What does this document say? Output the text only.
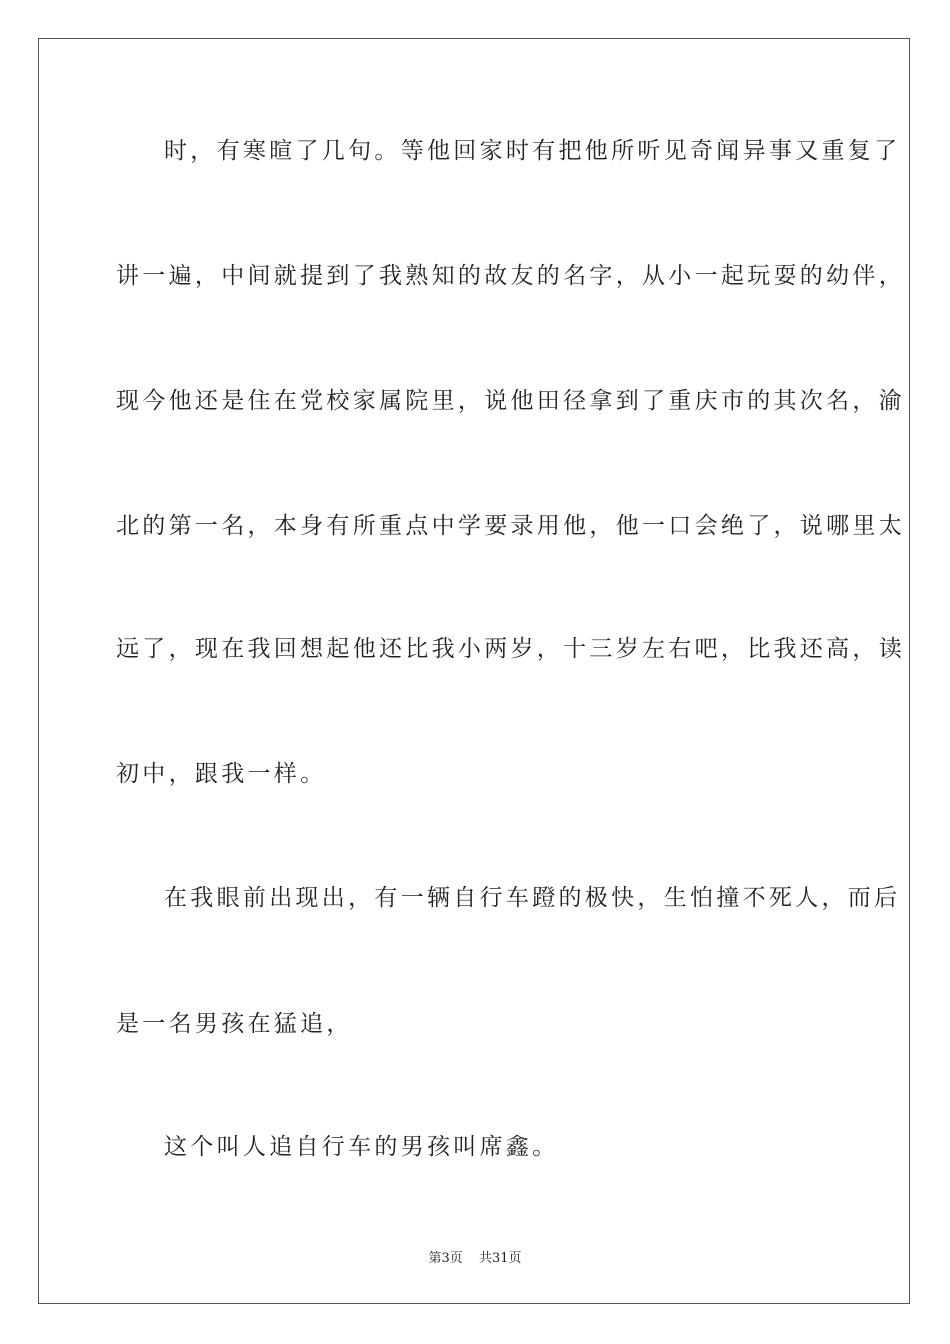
时，有寒暄了几句。等他回家时有把他所听见奇闻异事又重复了
讲一遍，中间就提到了我熟知的故友的名字，从小一起玩耍的幼伴，
现今他还是住在党校家属院里，说他田径拿到了重庆市的其次名，渝
北的第一名，本身有所重点中学要录用他，他一口会绝了，说哪里太
远了，现在我回想起他还比我小两岁，十三岁左右吧，比我还高，读
初中，跟我一样。
在我眼前出现出，有一辆自行车蹬的极快，生怕撞不死人，而后
是一名男孩在猛追，
这个叫人追自行车的男孩叫席鑫。
第3页 共31页
